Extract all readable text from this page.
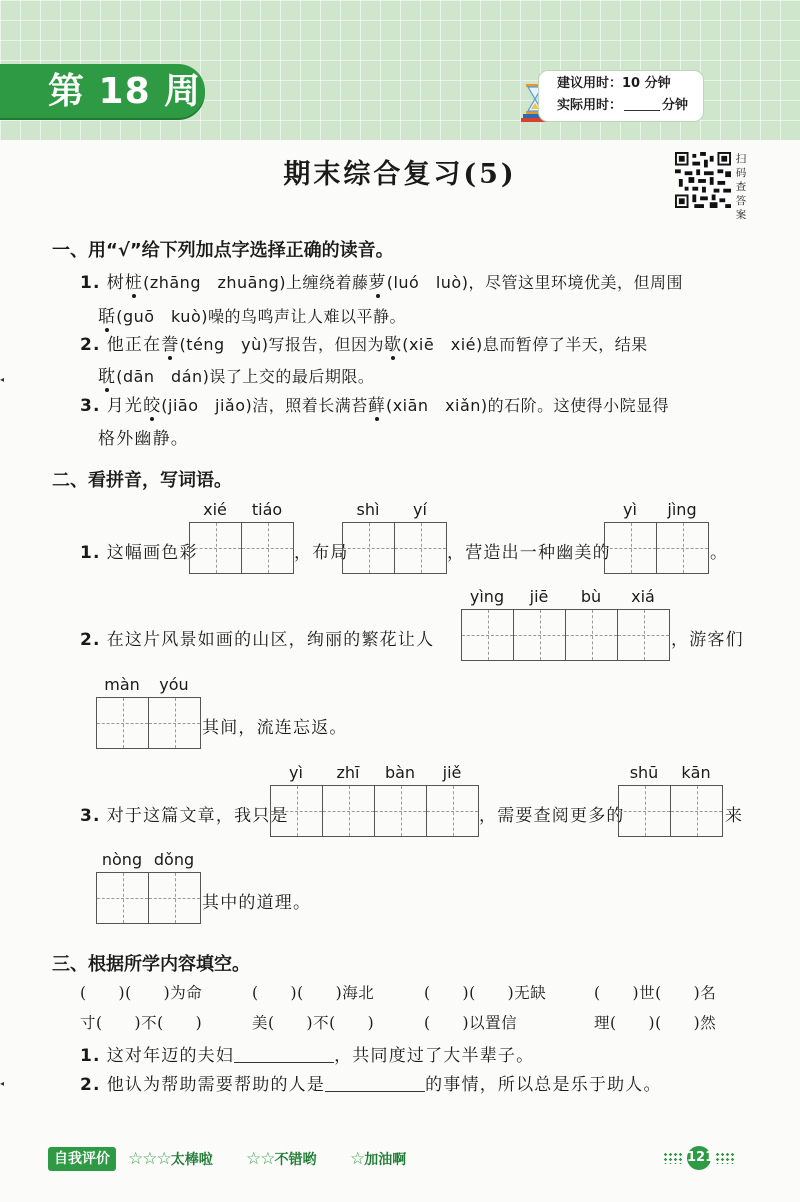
第 18 周	建议用时：10 分钟
实际用时：	分钟
期末综合复习(5)	扫码查答案
一、用“√”给下列加点字选择正确的读音。
1. 树桩(zhāng　zhuāng)上缠绕着藤萝(luó　luò)，尽管这里环境优美，但周围
聒(guō　kuò)噪的鸟鸣声让人难以平静。
2. 他正在誊(téng　yù)写报告，但因为歇(xiē　xié)息而暂停了半天，结果
耽(dān　dán)误了上交的最后期限。
3. 月光皎(jiāo　jiǎo)洁，照着长满苔藓(xiān　xiǎn)的石阶。这使得小院显得
格外幽静。
二、看拼音，写词语。
1. 这幅画色彩
xié	tiáo
，布局
shì	yí
，营造出一种幽美的
yì	jìng
。
2. 在这片风景如画的山区，绚丽的繁花让人
yìng	jiē	bù	xiá
，游客们
màn	yóu
其间，流连忘返。
3. 对于这篇文章，我只是
yì	zhī	bàn	jiě
，需要查阅更多的
shū	kān
来
nòng dǒng
其中的道理。
三、根据所学内容填空。
(　　)(　　)为命	(　　)(　　)海北	(　　)(　　)无缺	(　　)世(　　)名
寸(　　)不(　　)	美(　　)不(　　)	(　　)以置信	理(　　)(　　)然
1. 这对年迈的夫妇	，共同度过了大半辈子。
2. 他认为帮助需要帮助的人是	的事情，所以总是乐于助人。
◂
◂
自我评价	☆☆☆太棒啦 ☆☆不错哟 ☆加油啊	121
